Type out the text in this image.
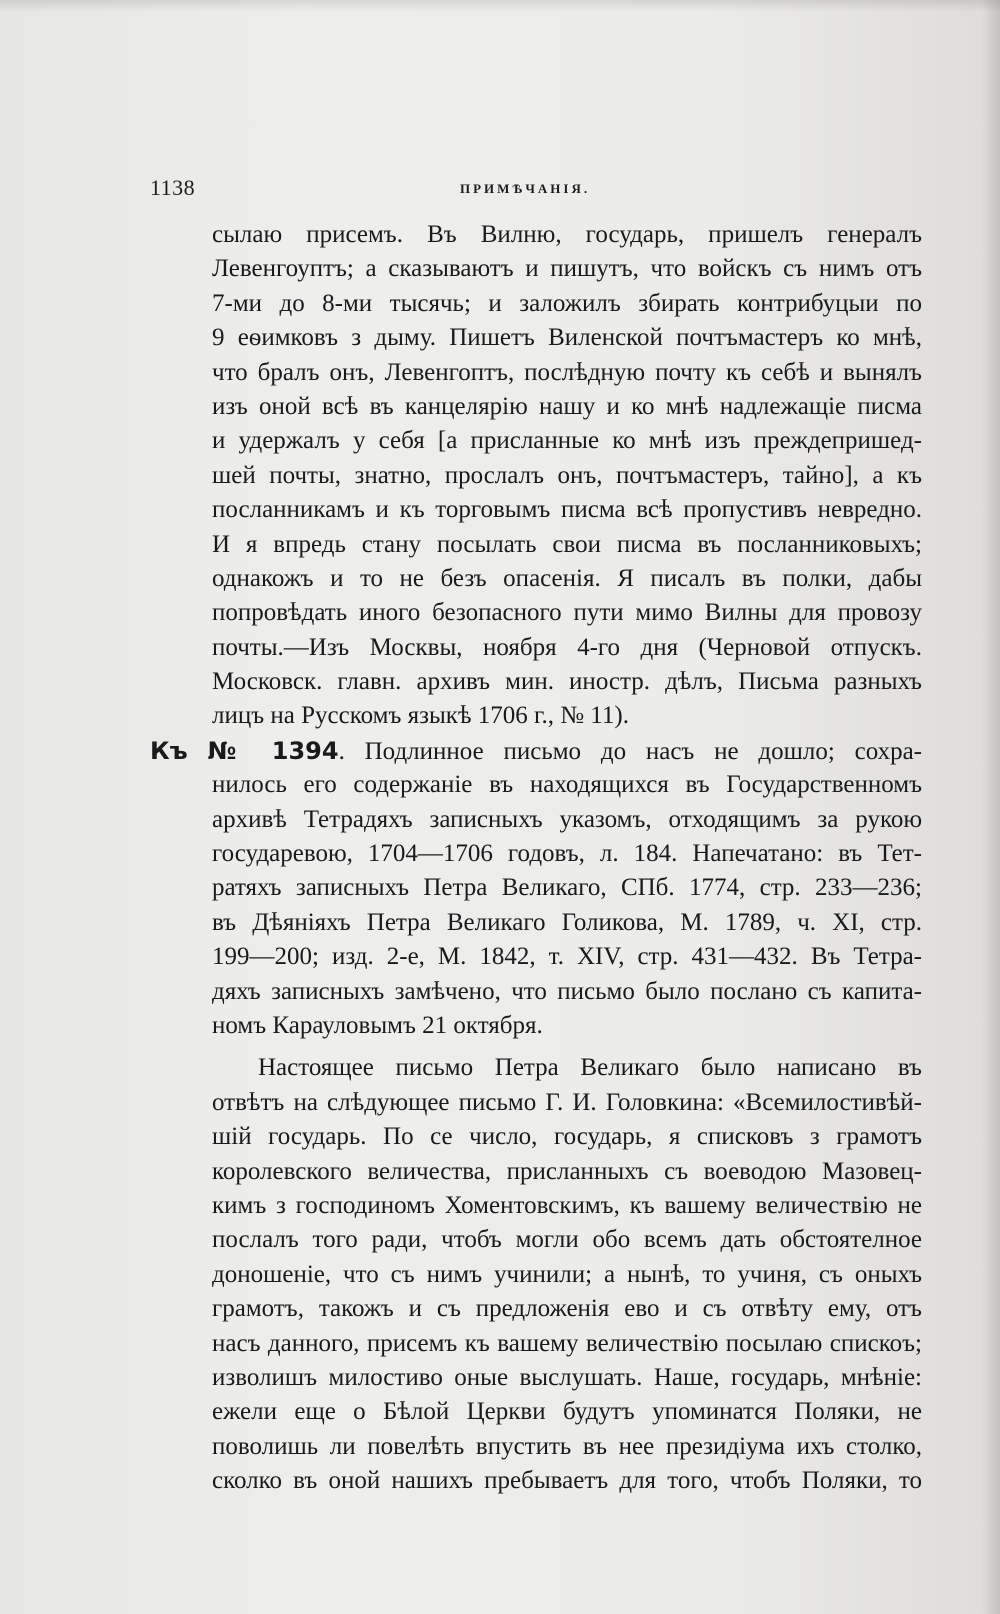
1138	ПРИМѢЧАНІЯ.
сылаю присемъ. Въ Вилню, государь, пришелъ генералъ
Левенгоуптъ; а сказываютъ и пишутъ, что войскъ съ нимъ отъ
7-ми до 8-ми тысячь; и заложилъ збирать контрибуцыи по
9 еѳимковъ з дыму. Пишетъ Виленской почтъмастеръ ко мнѣ,
что бралъ онъ, Левенгоптъ, послѣдную почту къ себѣ и вынялъ
изъ оной всѣ въ канцелярію нашу и ко мнѣ надлежащіе писма
и удержалъ у себя [а присланные ко мнѣ изъ преждепришед-
шей почты, знатно, прослалъ онъ, почтъмастеръ, тайно], а къ
посланникамъ и къ торговымъ писма всѣ пропустивъ невредно.
И я впредь стану посылать свои писма въ посланниковыхъ;
однакожъ и то не безъ опасенія. Я писалъ въ полки, дабы
попровѣдать иного безопасного пути мимо Вилны для провозу
почты.—Изъ Москвы, ноября 4-го дня (Черновой отпускъ.
Московск. главн. архивъ мин. иностр. дѣлъ, Письма разныхъ
лицъ на Русскомъ языкѣ 1706 г., № 11).
Къ № 1394. Подлинное письмо до насъ не дошло; сохра-
нилось его содержаніе въ находящихся въ Государственномъ
архивѣ Тетрадяхъ записныхъ указомъ, отходящимъ за рукою
государевою, 1704—1706 годовъ, л. 184. Напечатано: въ Тет-
ратяхъ записныхъ Петра Великаго, СПб. 1774, стр. 233—236;
въ Дѣяніяхъ Петра Великаго Голикова, М. 1789, ч. XI, стр.
199—200; изд. 2-е, М. 1842, т. XIV, стр. 431—432. Въ Тетра-
дяхъ записныхъ замѣчено, что письмо было послано съ капита-
номъ Карауловымъ 21 октября.
Настоящее письмо Петра Великаго было написано въ
отвѣтъ на слѣдующее письмо Г. И. Головкина: «Всемилостивѣй-
шій государь. По се число, государь, я списковъ з грамотъ
королевского величества, присланныхъ съ воеводою Мазовец-
кимъ з господиномъ Хоментовскимъ, къ вашему величествію не
послалъ того ради, чтобъ могли обо всемъ дать обстоятелное
доношеніе, что съ нимъ учинили; а нынѣ, то учиня, съ оныхъ
грамотъ, такожъ и съ предложенія ево и съ отвѣту ему, отъ
насъ данного, присемъ къ вашему величествію посылаю спискоъ;
изволишъ милостиво оные выслушать. Наше, государь, мнѣніе:
ежели еще о Бѣлой Церкви будутъ упоминатся Поляки, не
поволишь ли повелѣть впустить въ нее президіума ихъ столко,
сколко въ оной нашихъ пребываетъ для того, чтобъ Поляки, то
